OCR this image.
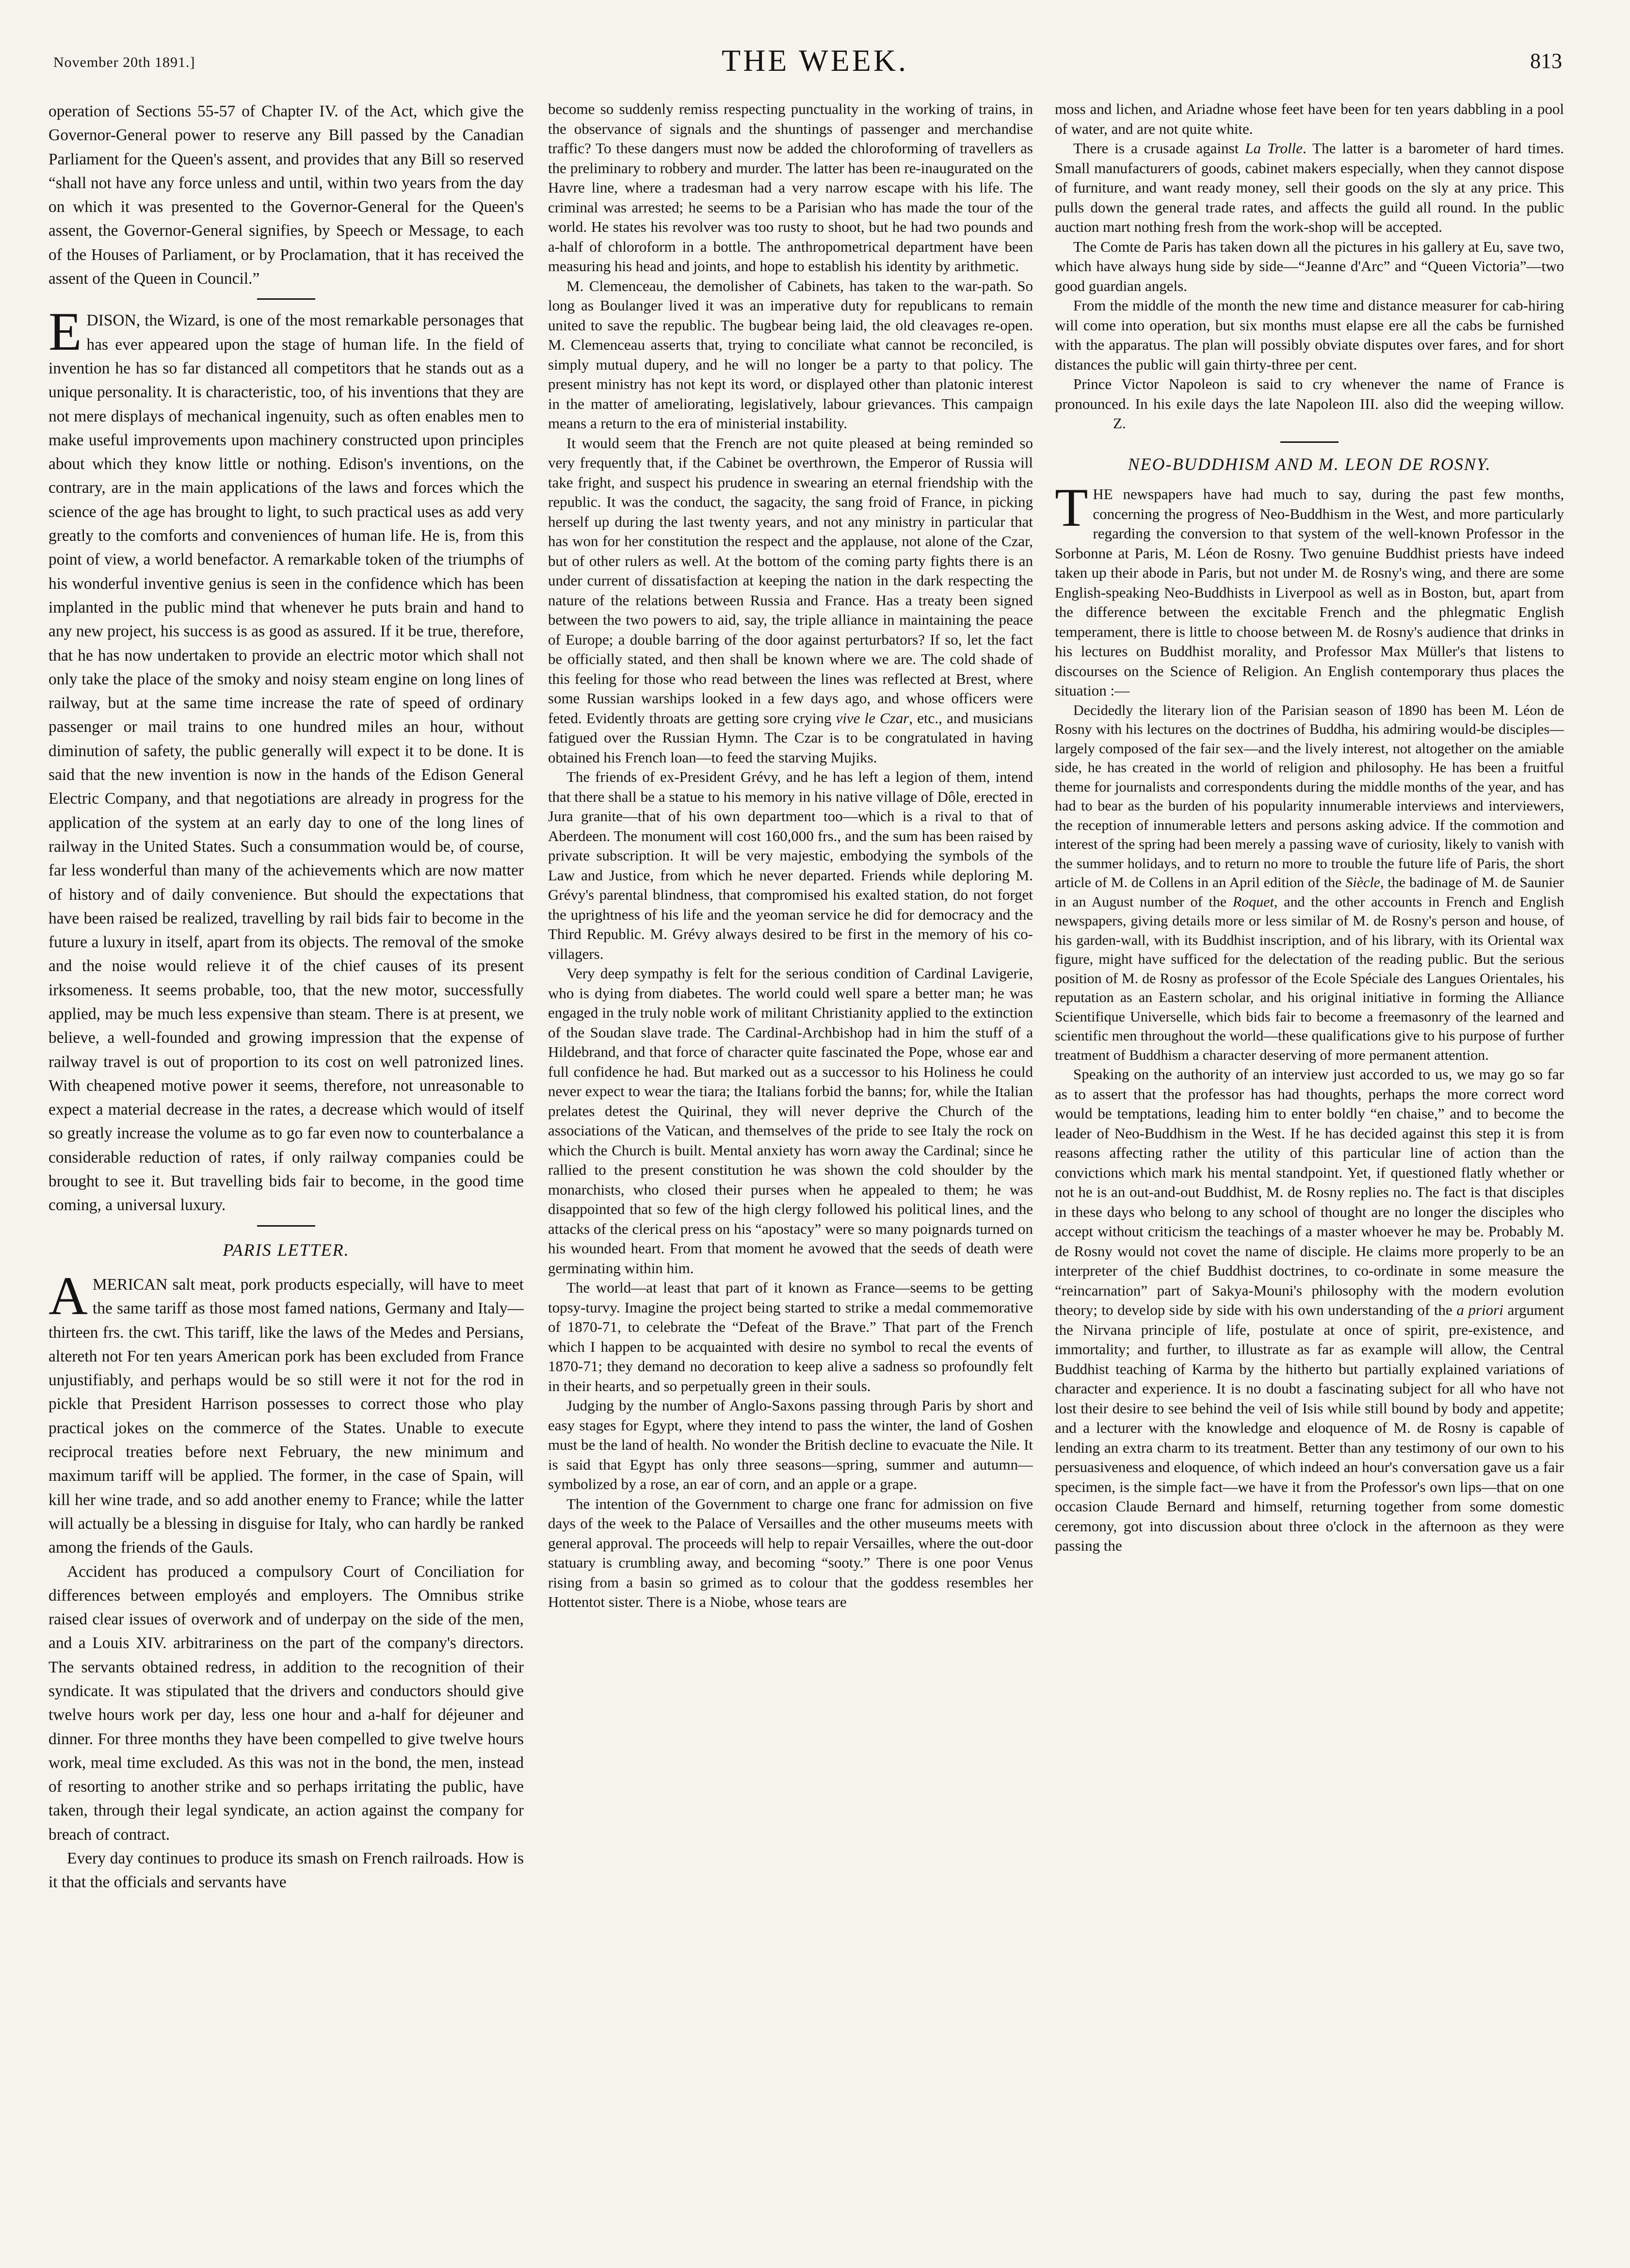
November 20th 1891.]	THE WEEK.	813

operation of Sections 55-57 of Chapter IV. of the Act, which give the Governor-General power to reserve any Bill passed by the Canadian Parliament for the Queen's assent, and provides that any Bill so reserved “shall not have any force unless and until, within two years from the day on which it was presented to the Governor-General for the Queen's assent, the Governor-General signifies, by Speech or Message, to each of the Houses of Parliament, or by Proclamation, that it has received the assent of the Queen in Council.”

EDISON, the Wizard, is one of the most remarkable personages that has ever appeared upon the stage of human life. In the field of invention he has so far distanced all competitors that he stands out as a unique personality. It is characteristic, too, of his inventions that they are not mere displays of mechanical ingenuity, such as often enables men to make useful improvements upon machinery constructed upon principles about which they know little or nothing. Edison's inventions, on the contrary, are in the main applications of the laws and forces which the science of the age has brought to light, to such practical uses as add very greatly to the comforts and conveniences of human life. He is, from this point of view, a world benefactor. A remarkable token of the triumphs of his wonderful inventive genius is seen in the confidence which has been implanted in the public mind that whenever he puts brain and hand to any new project, his success is as good as assured. If it be true, therefore, that he has now undertaken to provide an electric motor which shall not only take the place of the smoky and noisy steam engine on long lines of railway, but at the same time increase the rate of speed of ordinary passenger or mail trains to one hundred miles an hour, without diminution of safety, the public generally will expect it to be done. It is said that the new invention is now in the hands of the Edison General Electric Company, and that negotiations are already in progress for the application of the system at an early day to one of the long lines of railway in the United States. Such a consummation would be, of course, far less wonderful than many of the achievements which are now matter of history and of daily convenience. But should the expectations that have been raised be realized, travelling by rail bids fair to become in the future a luxury in itself, apart from its objects. The removal of the smoke and the noise would relieve it of the chief causes of its present irksomeness. It seems probable, too, that the new motor, successfully applied, may be much less expensive than steam. There is at present, we believe, a well-founded and growing impression that the expense of railway travel is out of proportion to its cost on well patronized lines. With cheapened motive power it seems, therefore, not unreasonable to expect a material decrease in the rates, a decrease which would of itself so greatly increase the volume as to go far even now to counterbalance a considerable reduction of rates, if only railway companies could be brought to see it. But travelling bids fair to become, in the good time coming, a universal luxury.

PARIS LETTER.

AMERICAN salt meat, pork products especially, will have to meet the same tariff as those most famed nations, Germany and Italy—thirteen frs. the cwt. This tariff, like the laws of the Medes and Persians, altereth not For ten years American pork has been excluded from France unjustifiably, and perhaps would be so still were it not for the rod in pickle that President Harrison possesses to correct those who play practical jokes on the commerce of the States. Unable to execute reciprocal treaties before next February, the new minimum and maximum tariff will be applied. The former, in the case of Spain, will kill her wine trade, and so add another enemy to France; while the latter will actually be a blessing in disguise for Italy, who can hardly be ranked among the friends of the Gauls.

Accident has produced a compulsory Court of Conciliation for differences between employés and employers. The Omnibus strike raised clear issues of overwork and of underpay on the side of the men, and a Louis XIV. arbitrariness on the part of the company's directors. The servants obtained redress, in addition to the recognition of their syndicate. It was stipulated that the drivers and conductors should give twelve hours work per day, less one hour and a-half for déjeuner and dinner. For three months they have been compelled to give twelve hours work, meal time excluded. As this was not in the bond, the men, instead of resorting to another strike and so perhaps irritating the public, have taken, through their legal syndicate, an action against the company for breach of contract.

Every day continues to produce its smash on French railroads. How is it that the officials and servants have

become so suddenly remiss respecting punctuality in the working of trains, in the observance of signals and the shuntings of passenger and merchandise traffic? To these dangers must now be added the chloroforming of travellers as the preliminary to robbery and murder. The latter has been re-inaugurated on the Havre line, where a tradesman had a very narrow escape with his life. The criminal was arrested; he seems to be a Parisian who has made the tour of the world. He states his revolver was too rusty to shoot, but he had two pounds and a-half of chloroform in a bottle. The anthropometrical department have been measuring his head and joints, and hope to establish his identity by arithmetic.

M. Clemenceau, the demolisher of Cabinets, has taken to the war-path. So long as Boulanger lived it was an imperative duty for republicans to remain united to save the republic. The bugbear being laid, the old cleavages re-open. M. Clemenceau asserts that, trying to conciliate what cannot be reconciled, is simply mutual dupery, and he will no longer be a party to that policy. The present ministry has not kept its word, or displayed other than platonic interest in the matter of ameliorating, legislatively, labour grievances. This campaign means a return to the era of ministerial instability.

It would seem that the French are not quite pleased at being reminded so very frequently that, if the Cabinet be overthrown, the Emperor of Russia will take fright, and suspect his prudence in swearing an eternal friendship with the republic. It was the conduct, the sagacity, the sang froid of France, in picking herself up during the last twenty years, and not any ministry in particular that has won for her constitution the respect and the applause, not alone of the Czar, but of other rulers as well. At the bottom of the coming party fights there is an under current of dissatisfaction at keeping the nation in the dark respecting the nature of the relations between Russia and France. Has a treaty been signed between the two powers to aid, say, the triple alliance in maintaining the peace of Europe; a double barring of the door against perturbators? If so, let the fact be officially stated, and then shall be known where we are. The cold shade of this feeling for those who read between the lines was reflected at Brest, where some Russian warships looked in a few days ago, and whose officers were feted. Evidently throats are getting sore crying vive le Czar, etc., and musicians fatigued over the Russian Hymn. The Czar is to be congratulated in having obtained his French loan—to feed the starving Mujiks.

The friends of ex-President Grévy, and he has left a legion of them, intend that there shall be a statue to his memory in his native village of Dôle, erected in Jura granite—that of his own department too—which is a rival to that of Aberdeen. The monument will cost 160,000 frs., and the sum has been raised by private subscription. It will be very majestic, embodying the symbols of the Law and Justice, from which he never departed. Friends while deploring M. Grévy's parental blindness, that compromised his exalted station, do not forget the uprightness of his life and the yeoman service he did for democracy and the Third Republic. M. Grévy always desired to be first in the memory of his co-villagers.

Very deep sympathy is felt for the serious condition of Cardinal Lavigerie, who is dying from diabetes. The world could well spare a better man; he was engaged in the truly noble work of militant Christianity applied to the extinction of the Soudan slave trade. The Cardinal-Archbishop had in him the stuff of a Hildebrand, and that force of character quite fascinated the Pope, whose ear and full confidence he had. But marked out as a successor to his Holiness he could never expect to wear the tiara; the Italians forbid the banns; for, while the Italian prelates detest the Quirinal, they will never deprive the Church of the associations of the Vatican, and themselves of the pride to see Italy the rock on which the Church is built. Mental anxiety has worn away the Cardinal; since he rallied to the present constitution he was shown the cold shoulder by the monarchists, who closed their purses when he appealed to them; he was disappointed that so few of the high clergy followed his political lines, and the attacks of the clerical press on his “apostacy” were so many poignards turned on his wounded heart. From that moment he avowed that the seeds of death were germinating within him.

The world—at least that part of it known as France—seems to be getting topsy-turvy. Imagine the project being started to strike a medal commemorative of 1870-71, to celebrate the “Defeat of the Brave.” That part of the French which I happen to be acquainted with desire no symbol to recal the events of 1870-71; they demand no decoration to keep alive a sadness so profoundly felt in their hearts, and so perpetually green in their souls.

Judging by the number of Anglo-Saxons passing through Paris by short and easy stages for Egypt, where they intend to pass the winter, the land of Goshen must be the land of health. No wonder the British decline to evacuate the Nile. It is said that Egypt has only three seasons—spring, summer and autumn—symbolized by a rose, an ear of corn, and an apple or a grape.

The intention of the Government to charge one franc for admission on five days of the week to the Palace of Versailles and the other museums meets with general approval. The proceeds will help to repair Versailles, where the out-door statuary is crumbling away, and becoming “sooty.” There is one poor Venus rising from a basin so grimed as to colour that the goddess resembles her Hottentot sister. There is a Niobe, whose tears are

moss and lichen, and Ariadne whose feet have been for ten years dabbling in a pool of water, and are not quite white.

There is a crusade against La Trolle. The latter is a barometer of hard times. Small manufacturers of goods, cabinet makers especially, when they cannot dispose of furniture, and want ready money, sell their goods on the sly at any price. This pulls down the general trade rates, and affects the guild all round. In the public auction mart nothing fresh from the work-shop will be accepted.

The Comte de Paris has taken down all the pictures in his gallery at Eu, save two, which have always hung side by side—“Jeanne d'Arc” and “Queen Victoria”—two good guardian angels.

From the middle of the month the new time and distance measurer for cab-hiring will come into operation, but six months must elapse ere all the cabs be furnished with the apparatus. The plan will possibly obviate disputes over fares, and for short distances the public will gain thirty-three per cent.

Prince Victor Napoleon is said to cry whenever the name of France is pronounced. In his exile days the late Napoleon III. also did the weeping willow.Z.

NEO-BUDDHISM AND M. LEON DE ROSNY.

THE newspapers have had much to say, during the past few months, concerning the progress of Neo-Buddhism in the West, and more particularly regarding the conversion to that system of the well-known Professor in the Sorbonne at Paris, M. Léon de Rosny. Two genuine Buddhist priests have indeed taken up their abode in Paris, but not under M. de Rosny's wing, and there are some English-speaking Neo-Buddhists in Liverpool as well as in Boston, but, apart from the difference between the excitable French and the phlegmatic English temperament, there is little to choose between M. de Rosny's audience that drinks in his lectures on Buddhist morality, and Professor Max Müller's that listens to discourses on the Science of Religion. An English contemporary thus places the situation :—

Decidedly the literary lion of the Parisian season of 1890 has been M. Léon de Rosny with his lectures on the doctrines of Buddha, his admiring would-be disciples—largely composed of the fair sex—and the lively interest, not altogether on the amiable side, he has created in the world of religion and philosophy. He has been a fruitful theme for journalists and correspondents during the middle months of the year, and has had to bear as the burden of his popularity innumerable interviews and interviewers, the reception of innumerable letters and persons asking advice. If the commotion and interest of the spring had been merely a passing wave of curiosity, likely to vanish with the summer holidays, and to return no more to trouble the future life of Paris, the short article of M. de Collens in an April edition of the Siècle, the badinage of M. de Saunier in an August number of the Roquet, and the other accounts in French and English newspapers, giving details more or less similar of M. de Rosny's person and house, of his garden-wall, with its Buddhist inscription, and of his library, with its Oriental wax figure, might have sufficed for the delectation of the reading public. But the serious position of M. de Rosny as professor of the Ecole Spéciale des Langues Orientales, his reputation as an Eastern scholar, and his original initiative in forming the Alliance Scientifique Universelle, which bids fair to become a freemasonry of the learned and scientific men throughout the world—these qualifications give to his purpose of further treatment of Buddhism a character deserving of more permanent attention.

Speaking on the authority of an interview just accorded to us, we may go so far as to assert that the professor has had thoughts, perhaps the more correct word would be temptations, leading him to enter boldly “en chaise,” and to become the leader of Neo-Buddhism in the West. If he has decided against this step it is from reasons affecting rather the utility of this particular line of action than the convictions which mark his mental standpoint. Yet, if questioned flatly whether or not he is an out-and-out Buddhist, M. de Rosny replies no. The fact is that disciples in these days who belong to any school of thought are no longer the disciples who accept without criticism the teachings of a master whoever he may be. Probably M. de Rosny would not covet the name of disciple. He claims more properly to be an interpreter of the chief Buddhist doctrines, to co-ordinate in some measure the “reincarnation” part of Sakya-Mouni's philosophy with the modern evolution theory; to develop side by side with his own understanding of the a priori argument the Nirvana principle of life, postulate at once of spirit, pre-existence, and immortality; and further, to illustrate as far as example will allow, the Central Buddhist teaching of Karma by the hitherto but partially explained variations of character and experience. It is no doubt a fascinating subject for all who have not lost their desire to see behind the veil of Isis while still bound by body and appetite; and a lecturer with the knowledge and eloquence of M. de Rosny is capable of lending an extra charm to its treatment. Better than any testimony of our own to his persuasiveness and eloquence, of which indeed an hour's conversation gave us a fair specimen, is the simple fact—we have it from the Professor's own lips—that on one occasion Claude Bernard and himself, returning together from some domestic ceremony, got into discussion about three o'clock in the afternoon as they were passing the
